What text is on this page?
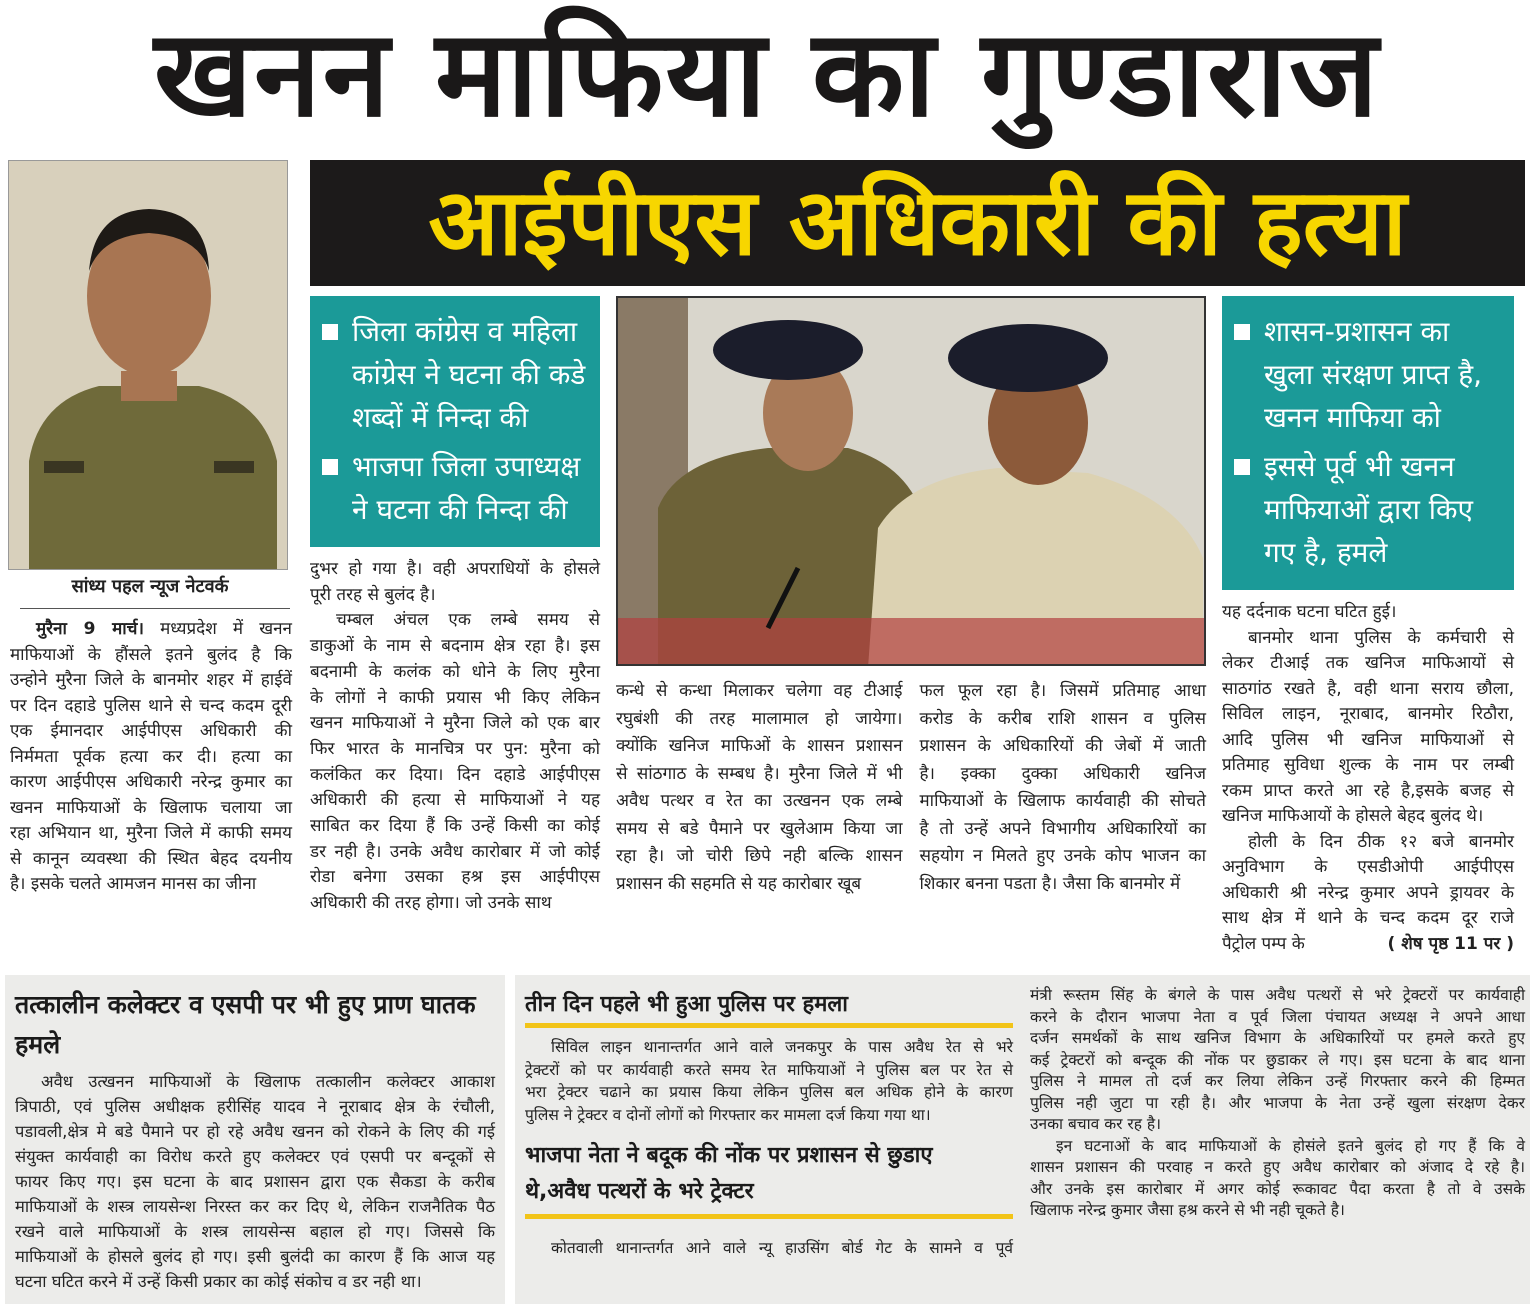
खनन माफिया का गुण्डाराज
सांध्य पहल न्यूज नेटवर्क
मुरैना 9 मार्च। मध्यप्रदेश में खनन
माफियाओं के हौंसले इतने बुलंद है कि
उन्होने मुरैना जिले के बानमोर शहर में हाईवें
पर दिन दहाडे पुलिस थाने से चन्द कदम दूरी
एक ईमानदार आईपीएस अधिकारी की
निर्ममता पूर्वक हत्या कर दी। हत्या का
कारण आईपीएस अधिकारी नरेन्द्र कुमार का
खनन माफियाओं के खिलाफ चलाया जा
रहा अभियान था, मुरैना जिले में काफी समय
से कानून व्यवस्था की स्थित बेहद दयनीय
है। इसके चलते आमजन मानस का जीना
आईपीएस अधिकारी की हत्या
जिला कांग्रेस व महिला कांग्रेस ने घटना की कडे शब्दों में निन्दा की
भाजपा जिला उपाध्यक्ष ने घटना की निन्दा की
दुभर हो गया है। वही अपराधियों के होसले
पूरी तरह से बुलंद है।
चम्बल अंचल एक लम्बे समय से
डाकुओं के नाम से बदनाम क्षेत्र रहा है। इस
बदनामी के कलंक को धोने के लिए मुरैना
के लोगों ने काफी प्रयास भी किए लेकिन
खनन माफियाओं ने मुरैना जिले को एक बार
फिर भारत के मानचित्र पर पुन: मुरैना को
कलंकित कर दिया। दिन दहाडे आईपीएस
अधिकारी की हत्या से माफियाओं ने यह
साबित कर दिया हैं कि उन्हें किसी का कोई
डर नही है। उनके अवैध कारोबार में जो कोई
रोडा बनेगा उसका हश्र इस आईपीएस
अधिकारी की तरह होगा। जो उनके साथ
कन्धे से कन्धा मिलाकर चलेगा वह टीआई
रघुबंशी की तरह मालामाल हो जायेगा।
क्योंकि खनिज माफिओं के शासन प्रशासन
से सांठगाठ के सम्बध है। मुरैना जिले में भी
अवैध पत्थर व रेत का उत्खनन एक लम्बे
समय से बडे पैमाने पर खुलेआम किया जा
रहा है। जो चोरी छिपे नही बल्कि शासन
प्रशासन की सहमति से यह कारोबार खूब
फल फूल रहा है। जिसमें प्रतिमाह आधा
करोड के करीब राशि शासन व पुलिस
प्रशासन के अधिकारियों की जेबों में जाती
है। इक्का दुक्का अधिकारी खनिज
माफियाओं के खिलाफ कार्यवाही की सोचते
है तो उन्हें अपने विभागीय अधिकारियों का
सहयोग न मिलते हुए उनके कोप भाजन का
शिकार बनना पडता है। जैसा कि बानमोर में
शासन-प्रशासन का खुला संरक्षण प्राप्त है, खनन माफिया को
इससे पूर्व भी खनन माफियाओं द्वारा किए गए है, हमले
यह दर्दनाक घटना घटित हुई।
बानमोर थाना पुलिस के कर्मचारी से
लेकर टीआई तक खनिज माफिआयों से
साठगांठ रखते है, वही थाना सराय छौला,
सिविल लाइन, नूराबाद, बानमोर रिठौरा,
आदि पुलिस भी खनिज माफियाओं से
प्रतिमाह सुविधा शुल्क के नाम पर लम्बी
रकम प्राप्त करते आ रहे है,इसके बजह से
खनिज माफिआयों के होसले बेहद बुलंद थे।
होली के दिन ठीक १२ बजे बानमोर
अनुविभाग के एसडीओपी आईपीएस
अधिकारी श्री नरेन्द्र कुमार अपने ड्रायवर के
साथ क्षेत्र में थाने के चन्द कदम दूर राजे
पैट्रोल पम्प के	( शेष पृष्ठ 11 पर )
तत्कालीन कलेक्टर व एसपी पर भी हुए प्राण घातक हमले
अवैध उत्खनन माफियाओं के खिलाफ तत्कालीन कलेक्टर आकाश
त्रिपाठी, एवं पुलिस अधीक्षक हरीसिंह यादव ने नूराबाद क्षेत्र के रंचौली,
पडावली,क्षेत्र मे बडे पैमाने पर हो रहे अवैध खनन को रोकने के लिए की गई
संयुक्त कार्यवाही का विरोध करते हुए कलेक्टर एवं एसपी पर बन्दूकों से
फायर किए गए। इस घटना के बाद प्रशासन द्वारा एक सैकडा के करीब
माफियाओं के शस्त्र लायसेन्श निरस्त कर कर दिए थे, लेकिन राजनैतिक पैठ
रखने वाले माफियाओं के शस्त्र लायसेन्स बहाल हो गए। जिससे कि
माफियाओं के होसले बुलंद हो गए। इसी बुलंदी का कारण हैं कि आज यह
घटना घटित करने में उन्हें किसी प्रकार का कोई संकोच व डर नही था।
तीन दिन पहले भी हुआ पुलिस पर हमला
सिविल लाइन थानान्तर्गत आने वाले जनकपुर के पास अवैध रेत से भरे
ट्रेक्टरों को पर कार्यवाही करते समय रेत माफियाओं ने पुलिस बल पर रेत से
भरा ट्रेक्टर चढाने का प्रयास किया लेकिन पुलिस बल अधिक होने के कारण
पुलिस ने ट्रेक्टर व दोनों लोगों को गिरफ्तार कर मामला दर्ज किया गया था।
भाजपा नेता ने बदूक की नोंक पर प्रशासन से छुडाए
थे,अवैध पत्थरों के भरे ट्रेक्टर
कोतवाली थानान्तर्गत आने वाले न्यू हाउसिंग बोर्ड गेट के सामने व पूर्व
मंत्री रूस्तम सिंह के बंगले के पास अवैध पत्थरों से भरे ट्रेक्टरों पर कार्यवाही
करने के दौरान भाजपा नेता व पूर्व जिला पंचायत अध्यक्ष ने अपने आधा
दर्जन समर्थकों के साथ खनिज विभाग के अधिकारियों पर हमले करते हुए
कई ट्रेक्टरों को बन्दूक की नोंक पर छुडाकर ले गए। इस घटना के बाद थाना
पुलिस ने मामल तो दर्ज कर लिया लेकिन उन्हें गिरफ्तार करने की हिम्मत
पुलिस नही जुटा पा रही है। और भाजपा के नेता उन्हें खुला संरक्षण देकर
उनका बचाव कर रह है।
इन घटनाओं के बाद माफियाओं के होसंले इतने बुलंद हो गए हैं कि वे
शासन प्रशासन की परवाह न करते हुए अवैध कारोबार को अंजाद दे रहे है।
और उनके इस कारोबार में अगर कोई रूकावट पैदा करता है तो वे उसके
खिलाफ नरेन्द्र कुमार जैसा हश्र करने से भी नही चूकते है।
